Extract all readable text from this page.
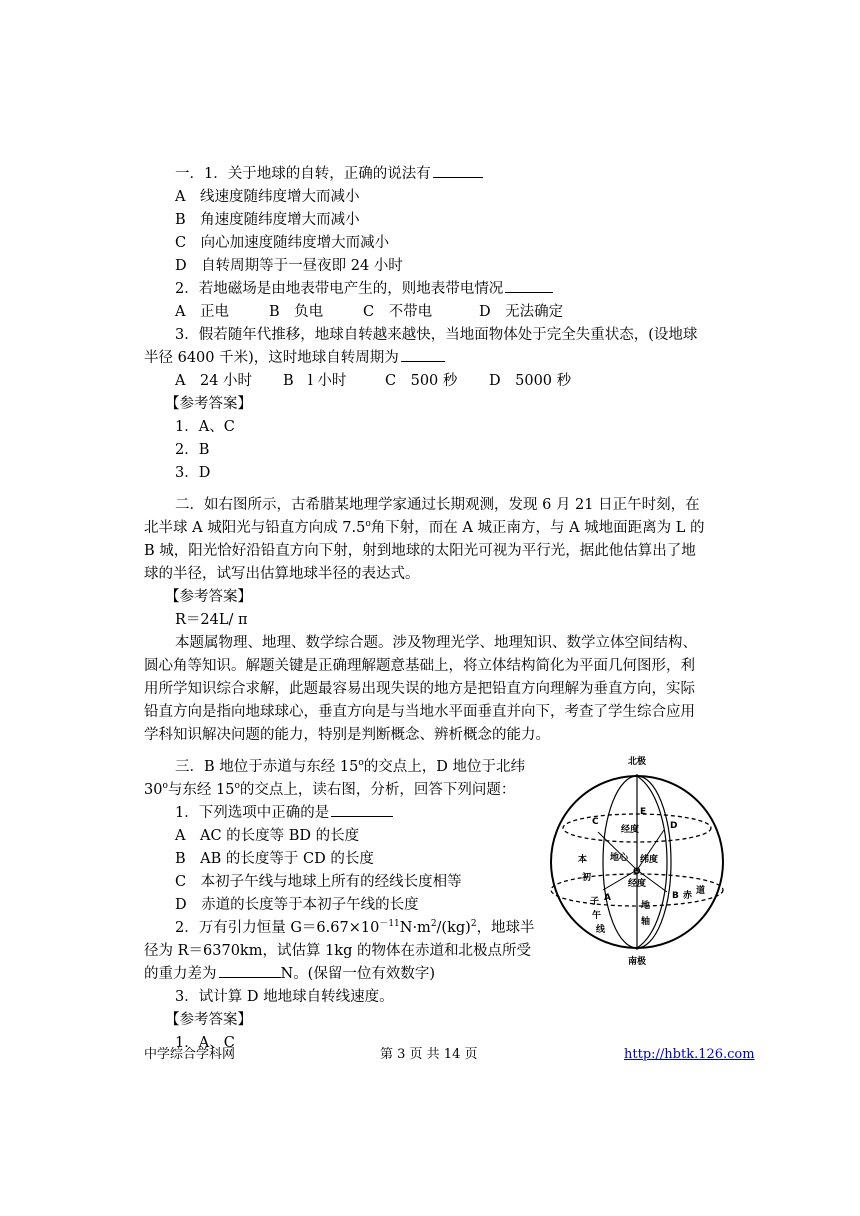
一．1．关于地球的自转，正确的说法有
A　线速度随纬度增大而减小
B　角速度随纬度增大而减小
C　向心加速度随纬度增大而减小
D　自转周期等于一昼夜即 24 小时
2．若地磁场是由地表带电产生的，则地表带电情况
A　正电	B　负电	C　不带电	D　无法确定
3．假若随年代推移，地球自转越来越快，当地面物体处于完全失重状态，(设地球
半径 6400 千米)，这时地球自转周期为
A　24 小时 B　l 小时	C　500 秒 D　5000 秒
【参考答案】
1．A、C
2．B
3．D
二．如右图所示，古希腊某地理学家通过长期观测，发现 6 月 21 日正午时刻，在
北半球 A 城阳光与铅直方向成 7.5$^o$角下射，而在 A 城正南方，与 A 城地面距离为 L 的
B 城，阳光恰好沿铅直方向下射，射到地球的太阳光可视为平行光，据此他估算出了地
球的半径，试写出估算地球半径的表达式。
【参考答案】
R＝24L/ π
本题属物理、地理、数学综合题。涉及物理光学、地理知识、数学立体空间结构、
圆心角等知识。解题关键是正确理解题意基础上，将立体结构简化为平面几何图形，利
用所学知识综合求解，此题最容易出现失误的地方是把铅直方向理解为垂直方向，实际
铅直方向是指向地球球心，垂直方向是与当地水平面垂直并向下，考查了学生综合应用
学科知识解决问题的能力，特别是判断概念、辨析概念的能力。
三．B 地位于赤道与东经 15$^o$的交点上，D 地位于北纬
30$^o$与东经 15$^o$的交点上，读右图，分析，回答下列问题：
1．下列选项中正确的是
A　AC 的长度等 BD 的长度
B　AB 的长度等于 CD 的长度
C　本初子午线与地球上所有的经线长度相等
D　赤道的长度等于本初子午线的长度
2．万有引力恒量 $G=6.67\times 10^{-11}N\cdot m^2/(kg)^2$，地球半
径为 R＝6370km，试估算 1kg 的物体在赤道和北极点所受
的重力差为	N。(保留一位有效数字)
3．试计算 D 地地球自转线速度。
【参考答案】
1．A、C
北极
C	D
E
经度
纬度
地心
O
经度
A	B 赤 道
本
初
子
午
线
地
轴
南极
中学综合学科网	第 3 页 共 14 页	http://hbtk.126.com
